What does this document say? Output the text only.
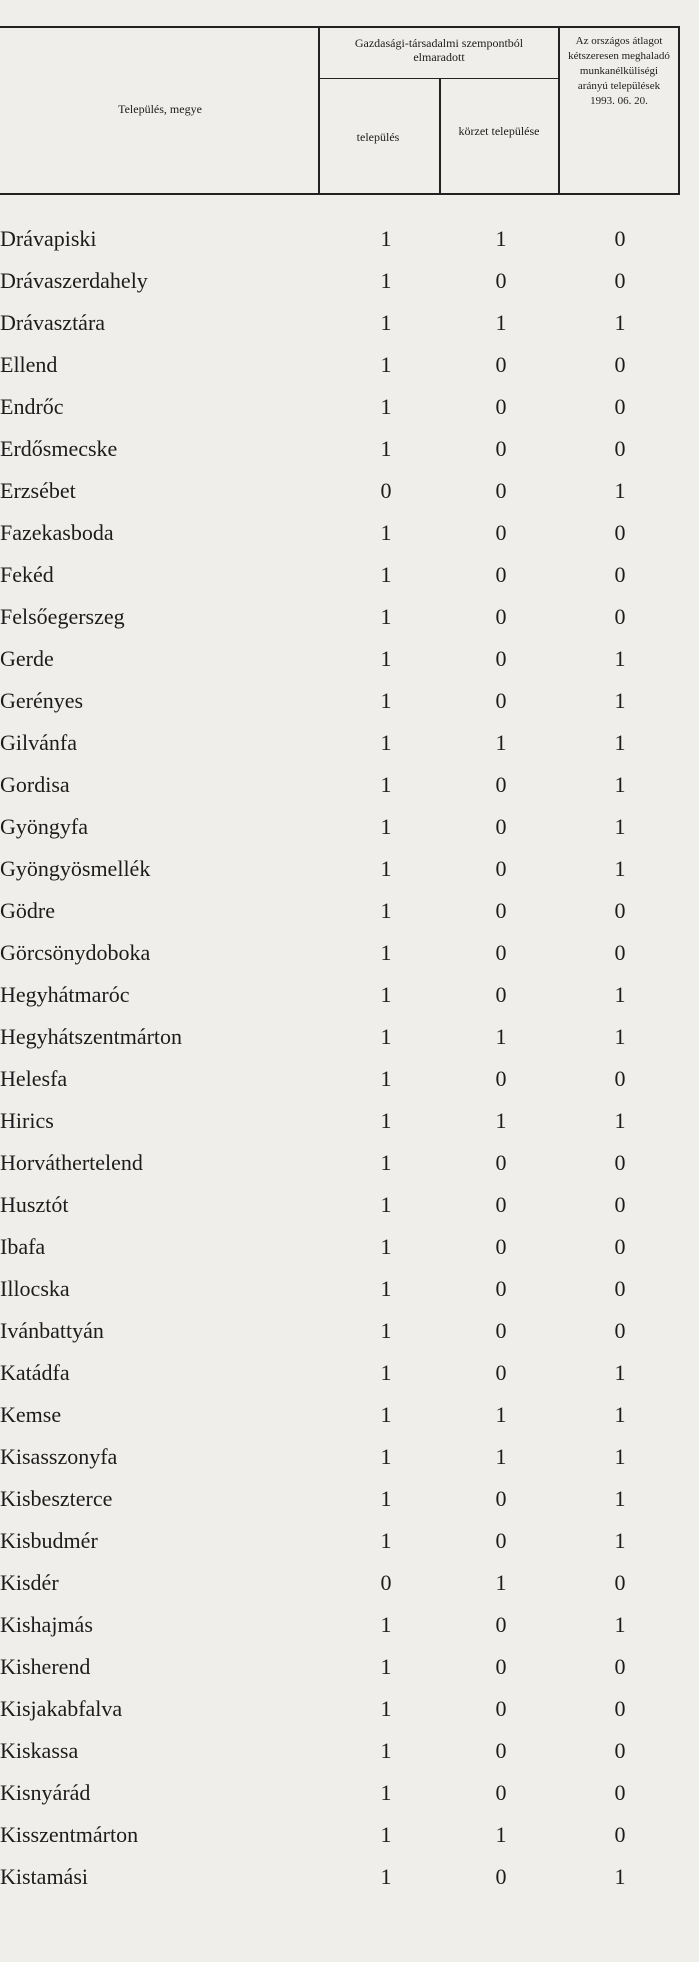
Település, megye
Gazdasági-társadalmi szempontból elmaradott
település	körzet települése
Az országos átlagot kétszeresen meghaladó munkanélküliségi arányú települések 1993. 06. 20.
Drávapiski	1	1	0
Drávaszerdahely	1	0	0
Drávasztára	1	1	1
Ellend	1	0	0
Endrőc	1	0	0
Erdősmecske	1	0	0
Erzsébet	0	0	1
Fazekasboda	1	0	0
Fekéd	1	0	0
Felsőegerszeg	1	0	0
Gerde	1	0	1
Gerényes	1	0	1
Gilvánfa	1	1	1
Gordisa	1	0	1
Gyöngyfa	1	0	1
Gyöngyösmellék	1	0	1
Gödre	1	0	0
Görcsönydoboka	1	0	0
Hegyhátmaróc	1	0	1
Hegyhátszentmárton	1	1	1
Helesfa	1	0	0
Hirics	1	1	1
Horváthertelend	1	0	0
Husztót	1	0	0
Ibafa	1	0	0
Illocska	1	0	0
Ivánbattyán	1	0	0
Katádfa	1	0	1
Kemse	1	1	1
Kisasszonyfa	1	1	1
Kisbeszterce	1	0	1
Kisbudmér	1	0	1
Kisdér	0	1	0
Kishajmás	1	0	1
Kisherend	1	0	0
Kisjakabfalva	1	0	0
Kiskassa	1	0	0
Kisnyárád	1	0	0
Kisszentmárton	1	1	0
Kistamási	1	0	1
